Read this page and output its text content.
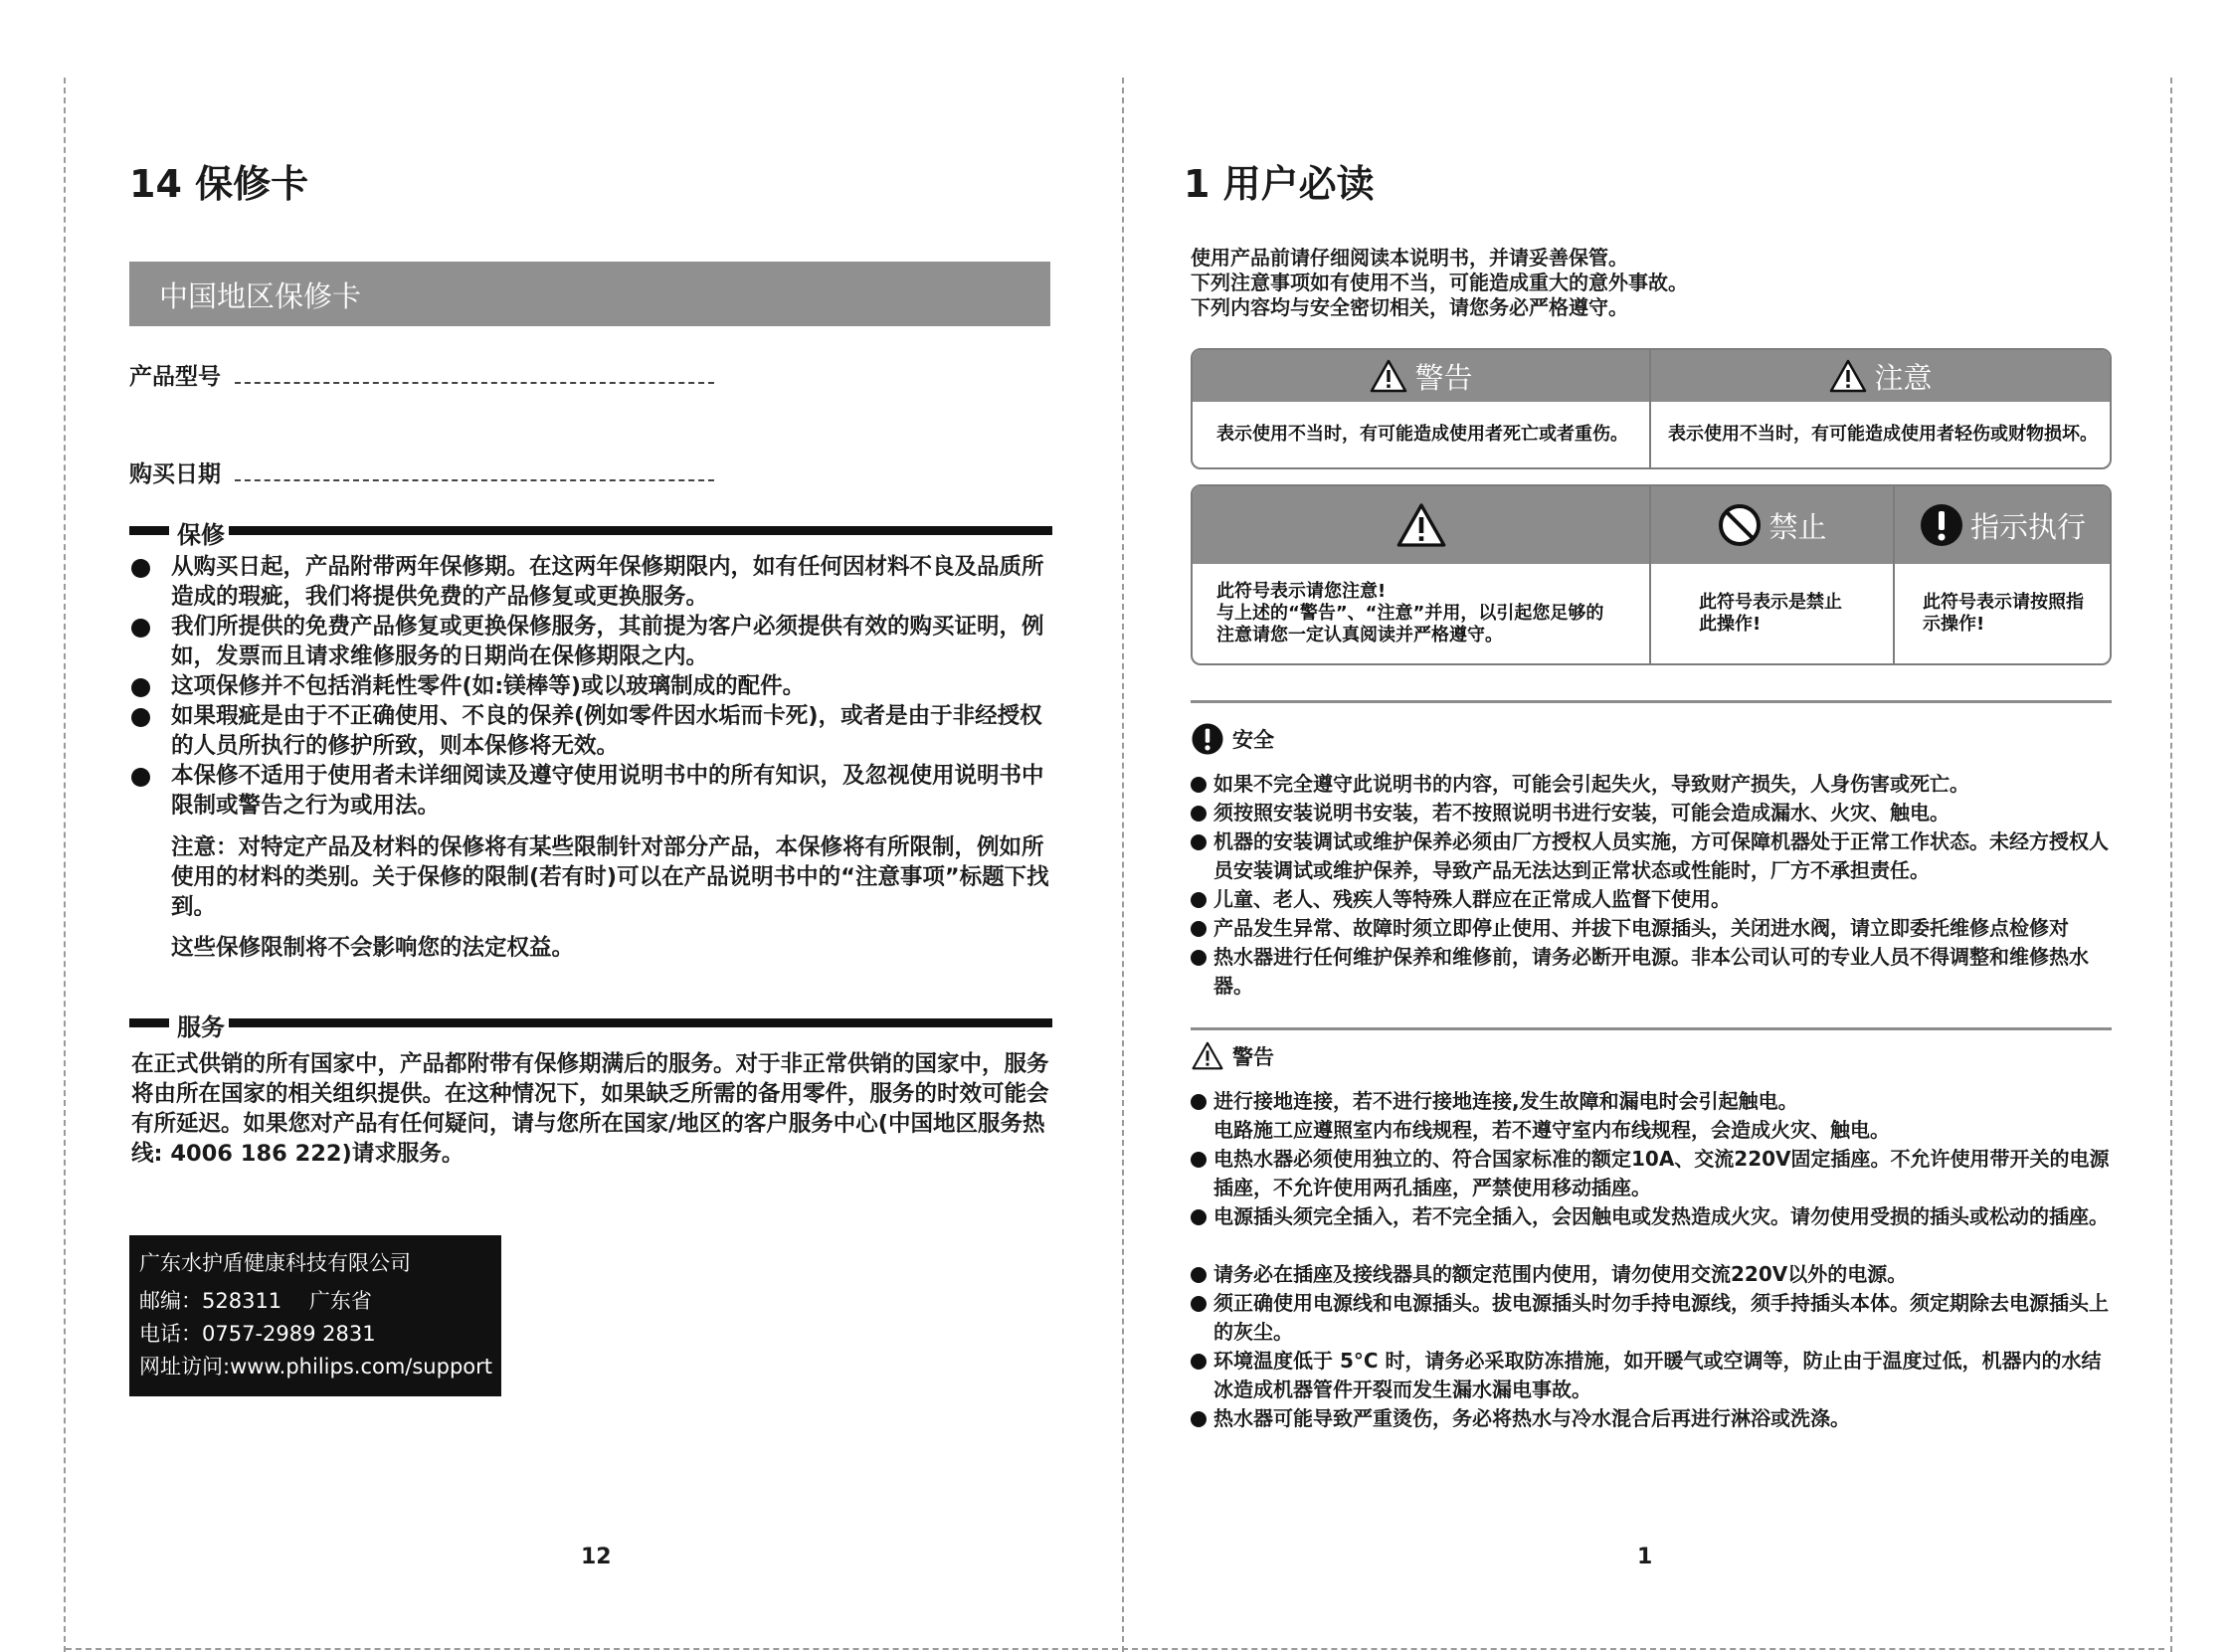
14 保修卡
中国地区保修卡
产品型号
购买日期
保修
从购买日起，产品附带两年保修期。在这两年保修期限内，如有任何因材料不良及品质所造成的瑕疵，我们将提供免费的产品修复或更换服务。
我们所提供的免费产品修复或更换保修服务，其前提为客户必须提供有效的购买证明，例如，发票而且请求维修服务的日期尚在保修期限之内。
这项保修并不包括消耗性零件(如:镁棒等)或以玻璃制成的配件。
如果瑕疵是由于不正确使用、不良的保养(例如零件因水垢而卡死)，或者是由于非经授权的人员所执行的修护所致，则本保修将无效。
本保修不适用于使用者未详细阅读及遵守使用说明书中的所有知识，及忽视使用说明书中限制或警告之行为或用法。
注意：对特定产品及材料的保修将有某些限制针对部分产品，本保修将有所限制，例如所使用的材料的类别。关于保修的限制(若有时)可以在产品说明书中的“注意事项”标题下找到。
这些保修限制将不会影响您的法定权益。
服务
在正式供销的所有国家中，产品都附带有保修期满后的服务。对于非正常供销的国家中，服务将由所在国家的相关组织提供。在这种情况下，如果缺乏所需的备用零件，服务的时效可能会有所延迟。如果您对产品有任何疑问，请与您所在国家/地区的客户服务中心(中国地区服务热线: 4006 186 222)请求服务。
广东水护盾健康科技有限公司
邮编：528311　 广东省
电话：0757-2989 2831
网址访问:www.philips.com/support
12
1 用户必读
使用产品前请仔细阅读本说明书，并请妥善保管。
下列注意事项如有使用不当，可能造成重大的意外事故。
下列内容均与安全密切相关，请您务必严格遵守。
警告	注意
表示使用不当时，有可能造成使用者死亡或者重伤。 表示使用不当时，有可能造成使用者轻伤或财物损坏。
禁止	指示执行
此符号表示请您注意!
与上述的“警告”、“注意”并用，以引起您足够的
注意请您一定认真阅读并严格遵守。
此符号表示是禁止
此操作!
此符号表示请按照指
示操作!
安全
如果不完全遵守此说明书的内容，可能会引起失火，导致财产损失，人身伤害或死亡。
须按照安装说明书安装，若不按照说明书进行安装，可能会造成漏水、火灾、触电。
机器的安装调试或维护保养必须由厂方授权人员实施，方可保障机器处于正常工作状态。未经方授权人员安装调试或维护保养，导致产品无法达到正常状态或性能时，厂方不承担责任。
儿童、老人、残疾人等特殊人群应在正常成人监督下使用。
产品发生异常、故障时须立即停止使用、并拔下电源插头，关闭进水阀，请立即委托维修点检修对
热水器进行任何维护保养和维修前，请务必断开电源。非本公司认可的专业人员不得调整和维修热水器。
警告
进行接地连接，若不进行接地连接,发生故障和漏电时会引起触电。
电路施工应遵照室内布线规程，若不遵守室内布线规程，会造成火灾、触电。
电热水器必须使用独立的、符合国家标准的额定10A、交流220V固定插座。不允许使用带开关的电源插座，不允许使用两孔插座，严禁使用移动插座。
电源插头须完全插入，若不完全插入，会因触电或发热造成火灾。请勿使用受损的插头或松动的插座。
请务必在插座及接线器具的额定范围内使用，请勿使用交流220V以外的电源。
须正确使用电源线和电源插头。拔电源插头时勿手持电源线，须手持插头本体。须定期除去电源插头上的灰尘。
环境温度低于 5°C 时，请务必采取防冻措施，如开暖气或空调等，防止由于温度过低，机器内的水结冰造成机器管件开裂而发生漏水漏电事故。
热水器可能导致严重烫伤，务必将热水与冷水混合后再进行淋浴或洗涤。
1
